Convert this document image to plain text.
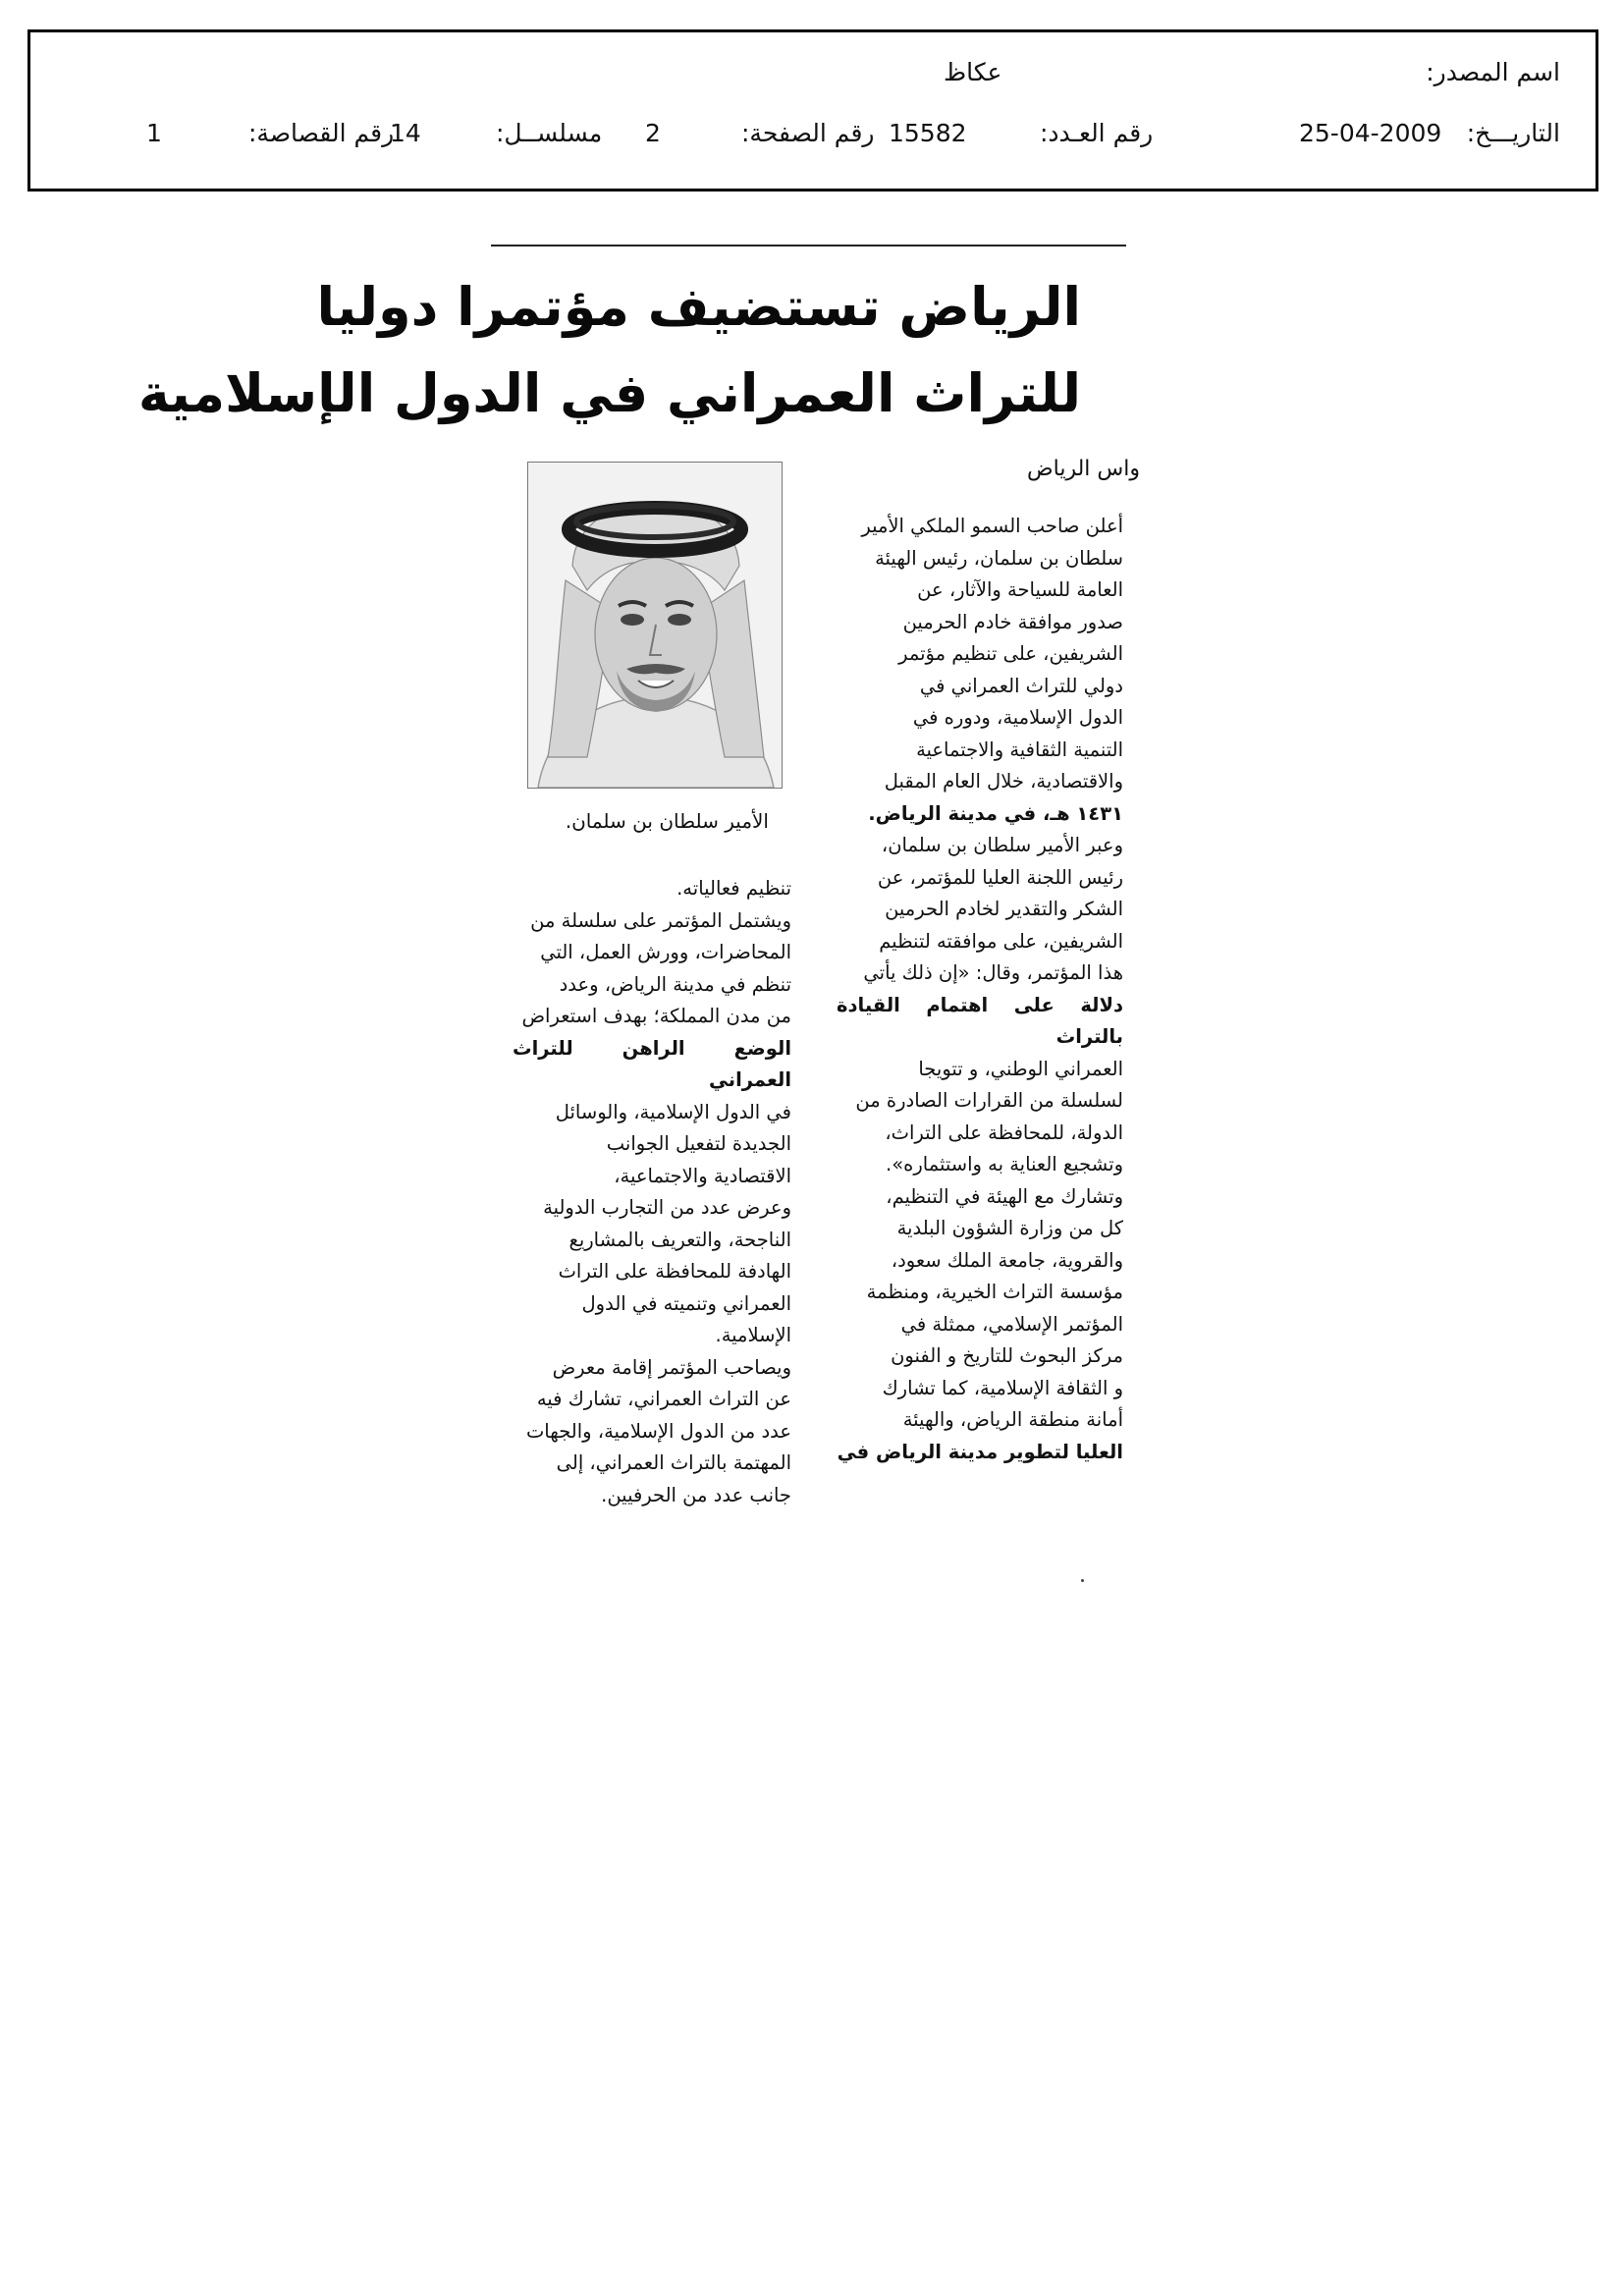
اسم المصدر:
عكاظ
التاريـــخ:
25-04-2009
رقم العـدد:
15582
رقم الصفحة:
2
مسلســل:
14
رقم القصاصة:
1
الرياض تستضيف مؤتمرا دوليا
للتراث العمراني في الدول الإسلامية
واس الرياض
الأمير سلطان بن سلمان.

أعلن صاحب السمو الملكي الأمير

سلطان بن سلمان، رئيس الهيئة

العامة للسياحة والآثار، عن

صدور موافقة خادم الحرمين

الشريفين، على تنظيم مؤتمر

دولي للتراث العمراني في

الدول الإسلامية، ودوره في

التنمية الثقافية والاجتماعية

والاقتصادية، خلال العام المقبل

١٤٣١ هـ، في مدينة الرياض.

وعبر الأمير سلطان بن سلمان،

رئيس اللجنة العليا للمؤتمر، عن

الشكر والتقدير لخادم الحرمين

الشريفين، على موافقته لتنظيم

هذا المؤتمر، وقال: «إن ذلك يأتي

دلالة على اهتمام القيادة بالتراث

العمراني الوطني، و تتويجا

لسلسلة من القرارات الصادرة من

الدولة، للمحافظة على التراث،

وتشجيع العناية به واستثماره».

وتشارك مع الهيئة في التنظيم،

كل من وزارة الشؤون البلدية

والقروية، جامعة الملك سعود،

مؤسسة التراث الخيرية، ومنظمة

المؤتمر الإسلامي، ممثلة في

مركز البحوث للتاريخ و الفنون

و الثقافة الإسلامية، كما تشارك

أمانة منطقة الرياض، والهيئة

العليا لتطوير مدينة الرياض في

تنظيم فعالياته.

ويشتمل المؤتمر على سلسلة من

المحاضرات، وورش العمل، التي

تنظم في مدينة الرياض، وعدد

من مدن المملكة؛ بهدف استعراض

الوضع الراهن للتراث العمراني

في الدول الإسلامية، والوسائل

الجديدة لتفعيل الجوانب

الاقتصادية والاجتماعية،

وعرض عدد من التجارب الدولية

الناجحة، والتعريف بالمشاريع

الهادفة للمحافظة على التراث

العمراني وتنميته في الدول

الإسلامية.

ويصاحب المؤتمر إقامة معرض

عن التراث العمراني، تشارك فيه

عدد من الدول الإسلامية، والجهات

المهتمة بالتراث العمراني، إلى

جانب عدد من الحرفيين.
